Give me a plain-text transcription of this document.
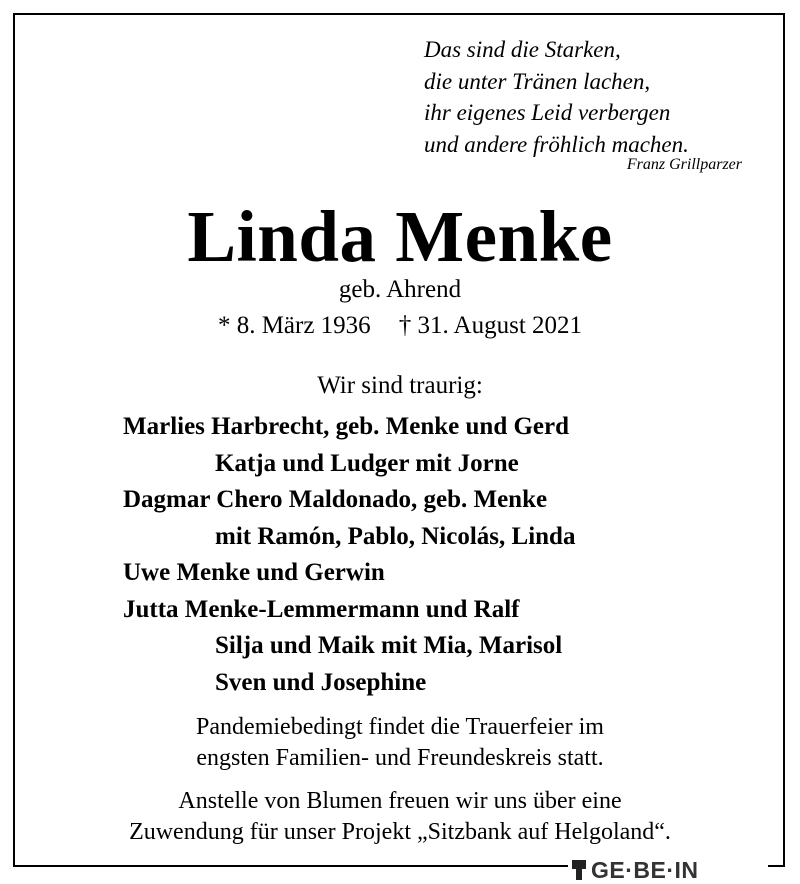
Das sind die Starken,
die unter Tränen lachen,
ihr eigenes Leid verbergen
und andere fröhlich machen.
Franz Grillparzer
Linda Menke
geb. Ahrend
* 8. März 1936 † 31. August 2021
Wir sind traurig:
Marlies Harbrecht, geb. Menke und Gerd
Katja und Ludger mit Jorne
Dagmar Chero Maldonado, geb. Menke
mit Ramón, Pablo, Nicolás, Linda
Uwe Menke und Gerwin
Jutta Menke-Lemmermann und Ralf
Silja und Maik mit Mia, Marisol
Sven und Josephine
Pandemiebedingt findet die Trauerfeier im
engsten Familien- und Freundeskreis statt.
Anstelle von Blumen freuen wir uns über eine
Zuwendung für unser Projekt „Sitzbank auf Helgoland“.
GE·BE·IN
